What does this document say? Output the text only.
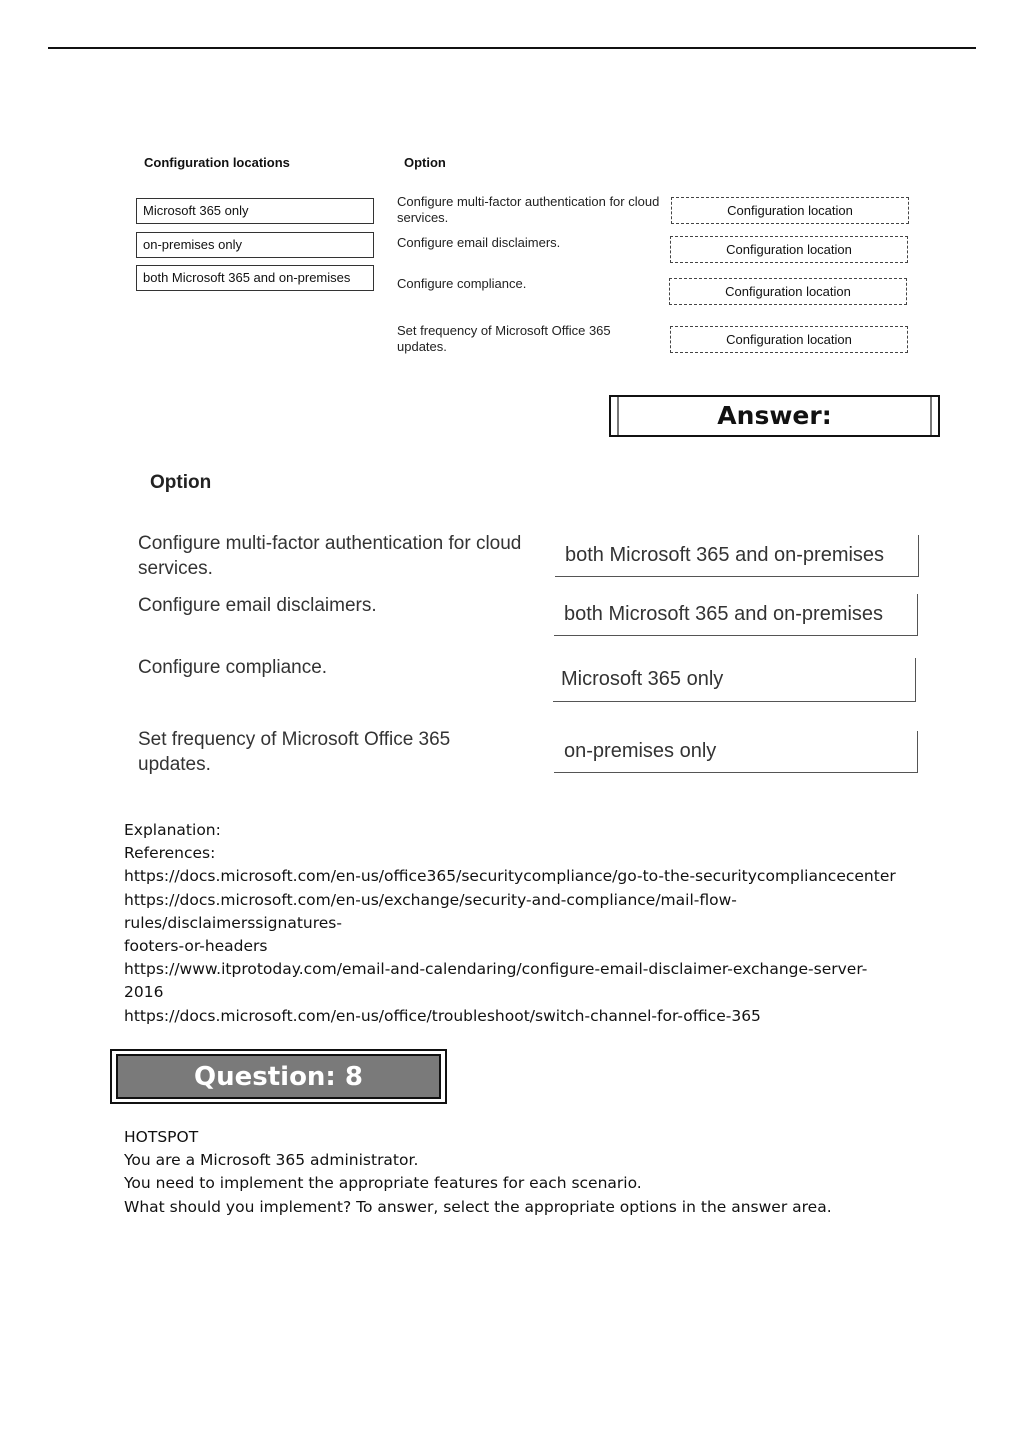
Configuration locations	Option
Microsoft 365 only
on-premises only
both Microsoft 365 and on-premises
Configure multi-factor authentication for cloud services.
Configure email disclaimers.
Configure compliance.
Set frequency of Microsoft Office 365 updates.
Configuration location
Configuration location
Configuration location
Configuration location
Answer:
Option
Configure multi-factor authentication for cloud services.
both Microsoft 365 and on-premises
Configure email disclaimers.	both Microsoft 365 and on-premises
Configure compliance.
Microsoft 365 only
Set frequency of Microsoft Office 365 updates.
on-premises only
Explanation:
References:
https://docs.microsoft.com/en-us/office365/securitycompliance/go-to-the-securitycompliancecenter
https://docs.microsoft.com/en-us/exchange/security-and-compliance/mail-flow-
rules/disclaimerssignatures-
footers-or-headers
https://www.itprotoday.com/email-and-calendaring/configure-email-disclaimer-exchange-server-
2016
https://docs.microsoft.com/en-us/office/troubleshoot/switch-channel-for-office-365
Question: 8
HOTSPOT
You are a Microsoft 365 administrator.
You need to implement the appropriate features for each scenario.
What should you implement? To answer, select the appropriate options in the answer area.
